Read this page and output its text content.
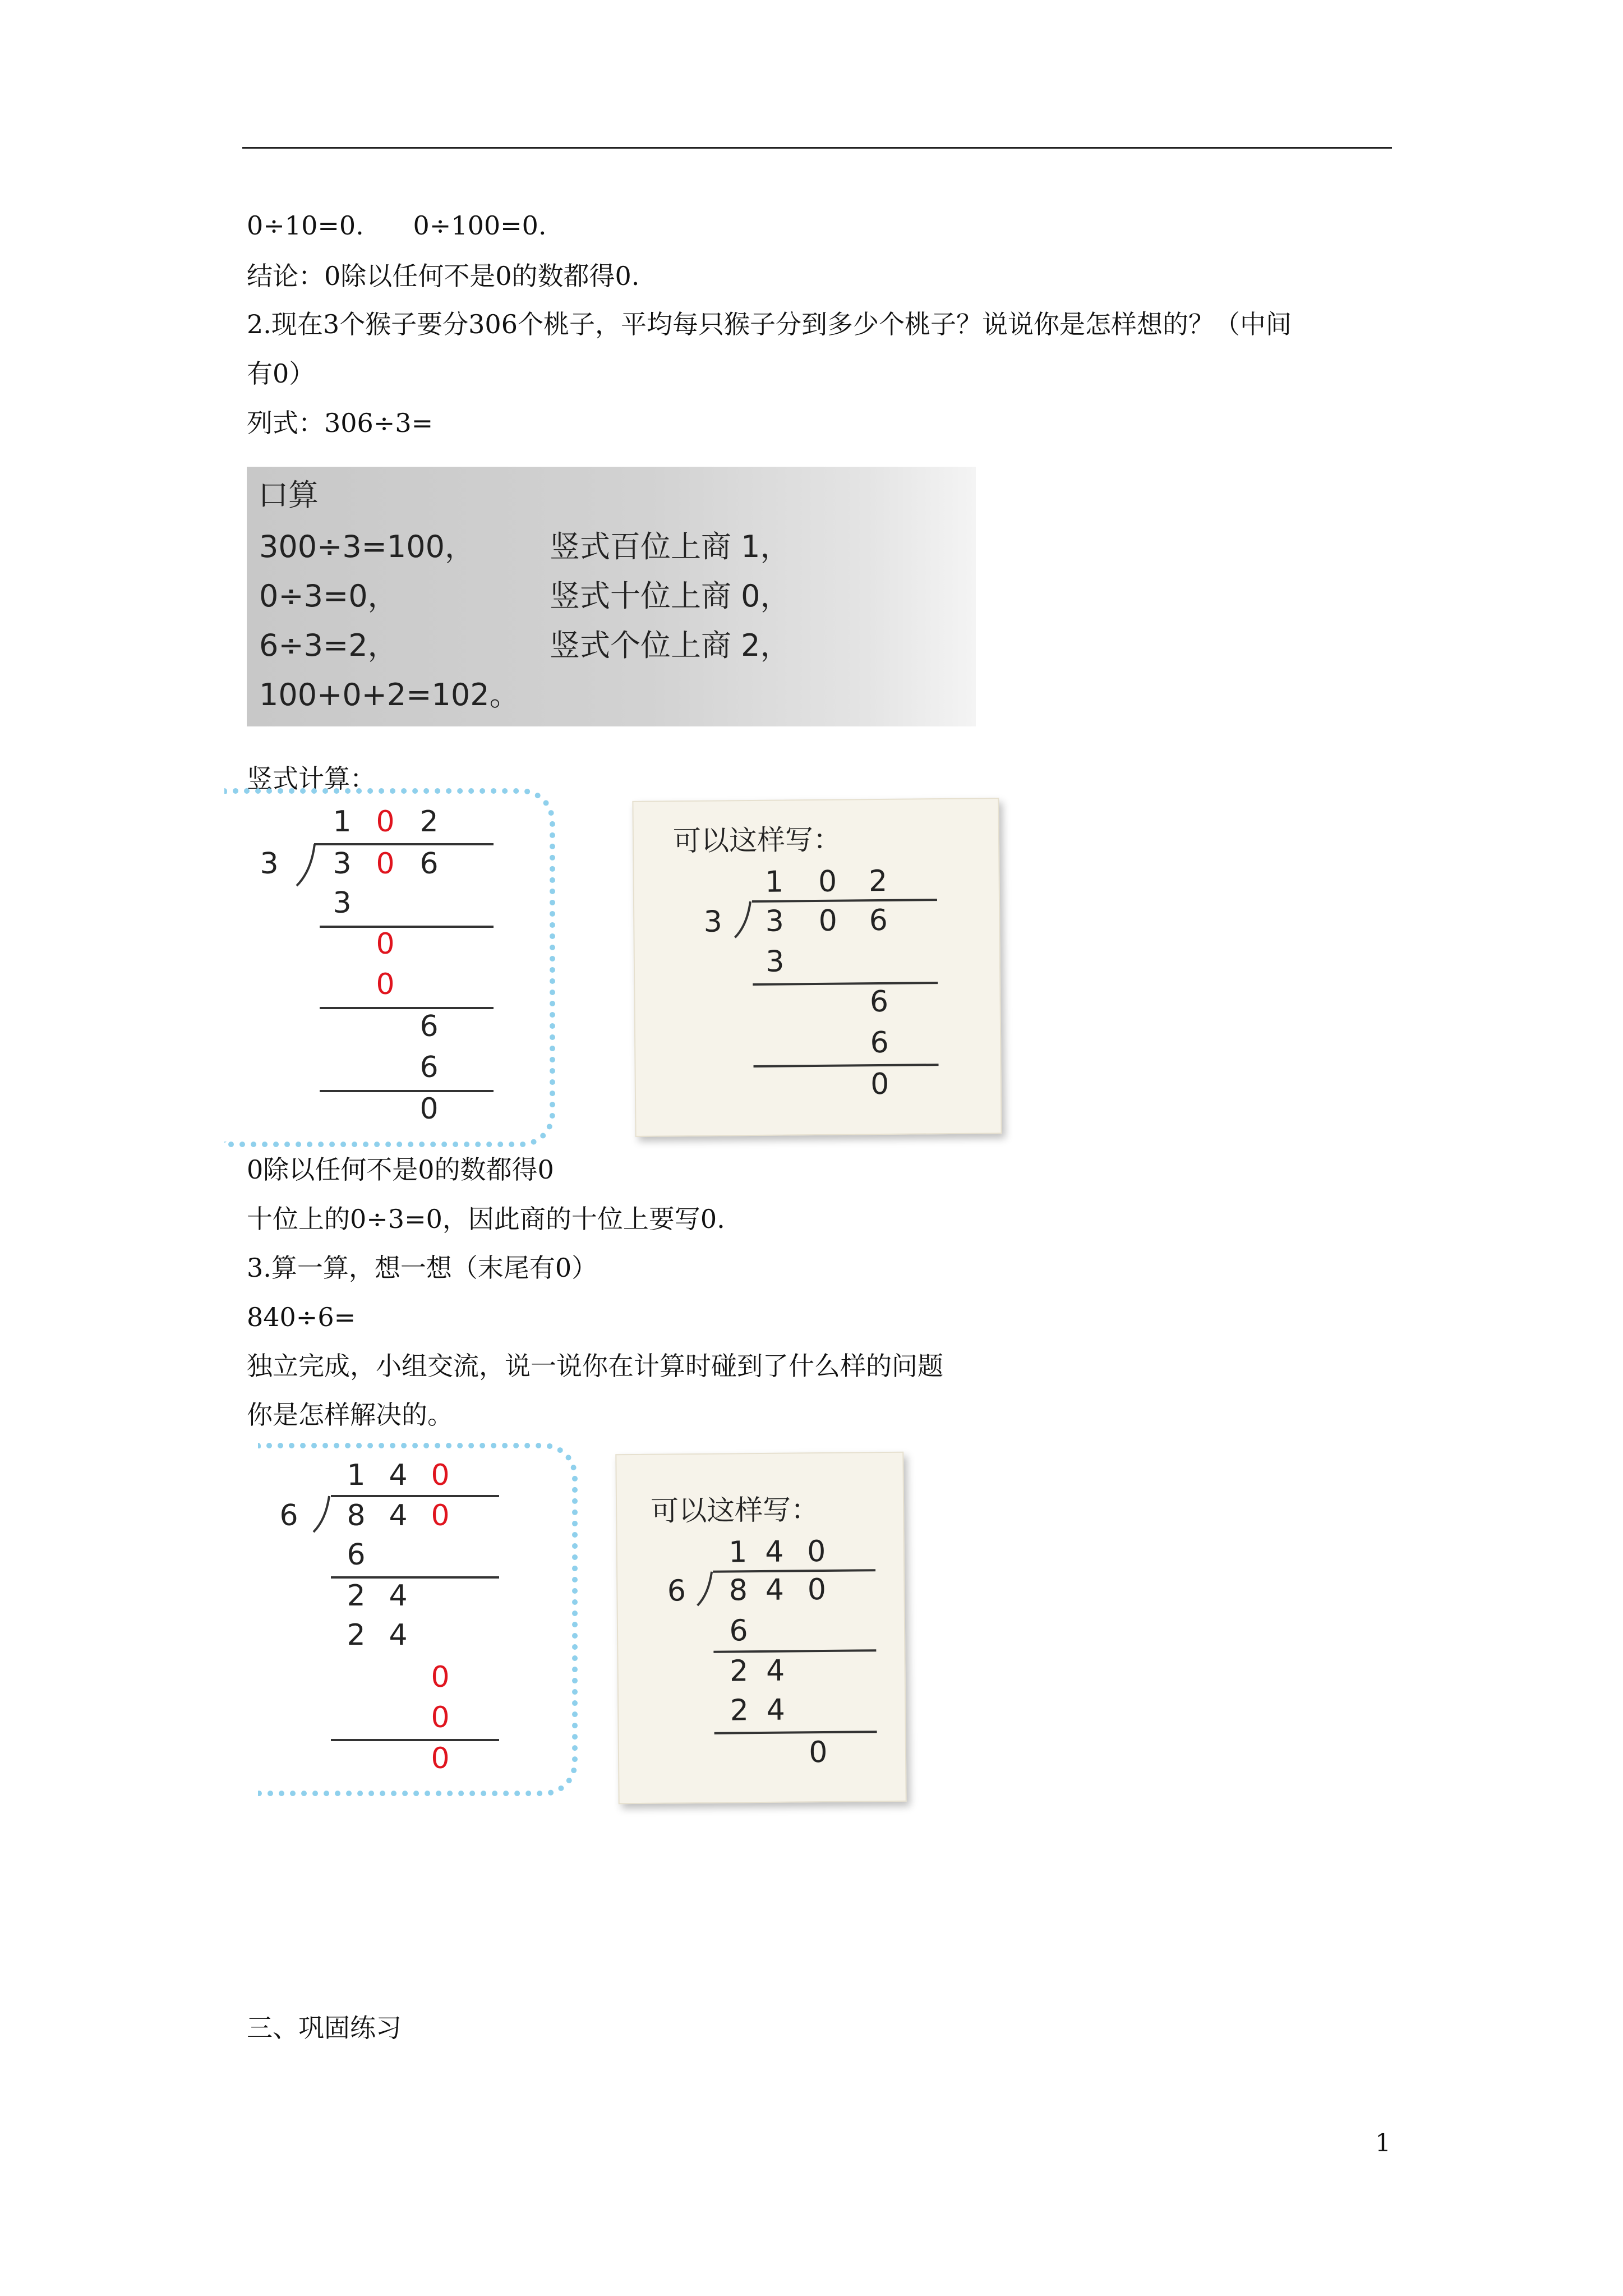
0÷10=0.      0÷100=0.
结论：0除以任何不是0的数都得0.
2.现在3个猴子要分306个桃子，平均每只猴子分到多少个桃子？说说你是怎样想的？（中间
有0）
列式：306÷3=
口算
300÷3=100， 竖式百位上商 1，
0÷3=0，	竖式十位上商 0，
6÷3=2，	竖式个位上商 2，
100+0+2=102。
竖式计算：
1 0 2
3 3 0 6
3
0
0
6
6
0
可以这样写：
1 0 2
3 3 0 6
3
6
6
0
0除以任何不是0的数都得0
十位上的0÷3=0，因此商的十位上要写0.
3.算一算，想一想（末尾有0）
840÷6=
独立完成，小组交流，说一说你在计算时碰到了什么样的问题
你是怎样解决的。
1 4 0
6 8 4 0
6
2 4
2 4
0
0
0
可以这样写：
1 4 0
6 8 4 0
6
2 4
2 4
0
三、巩固练习
1
